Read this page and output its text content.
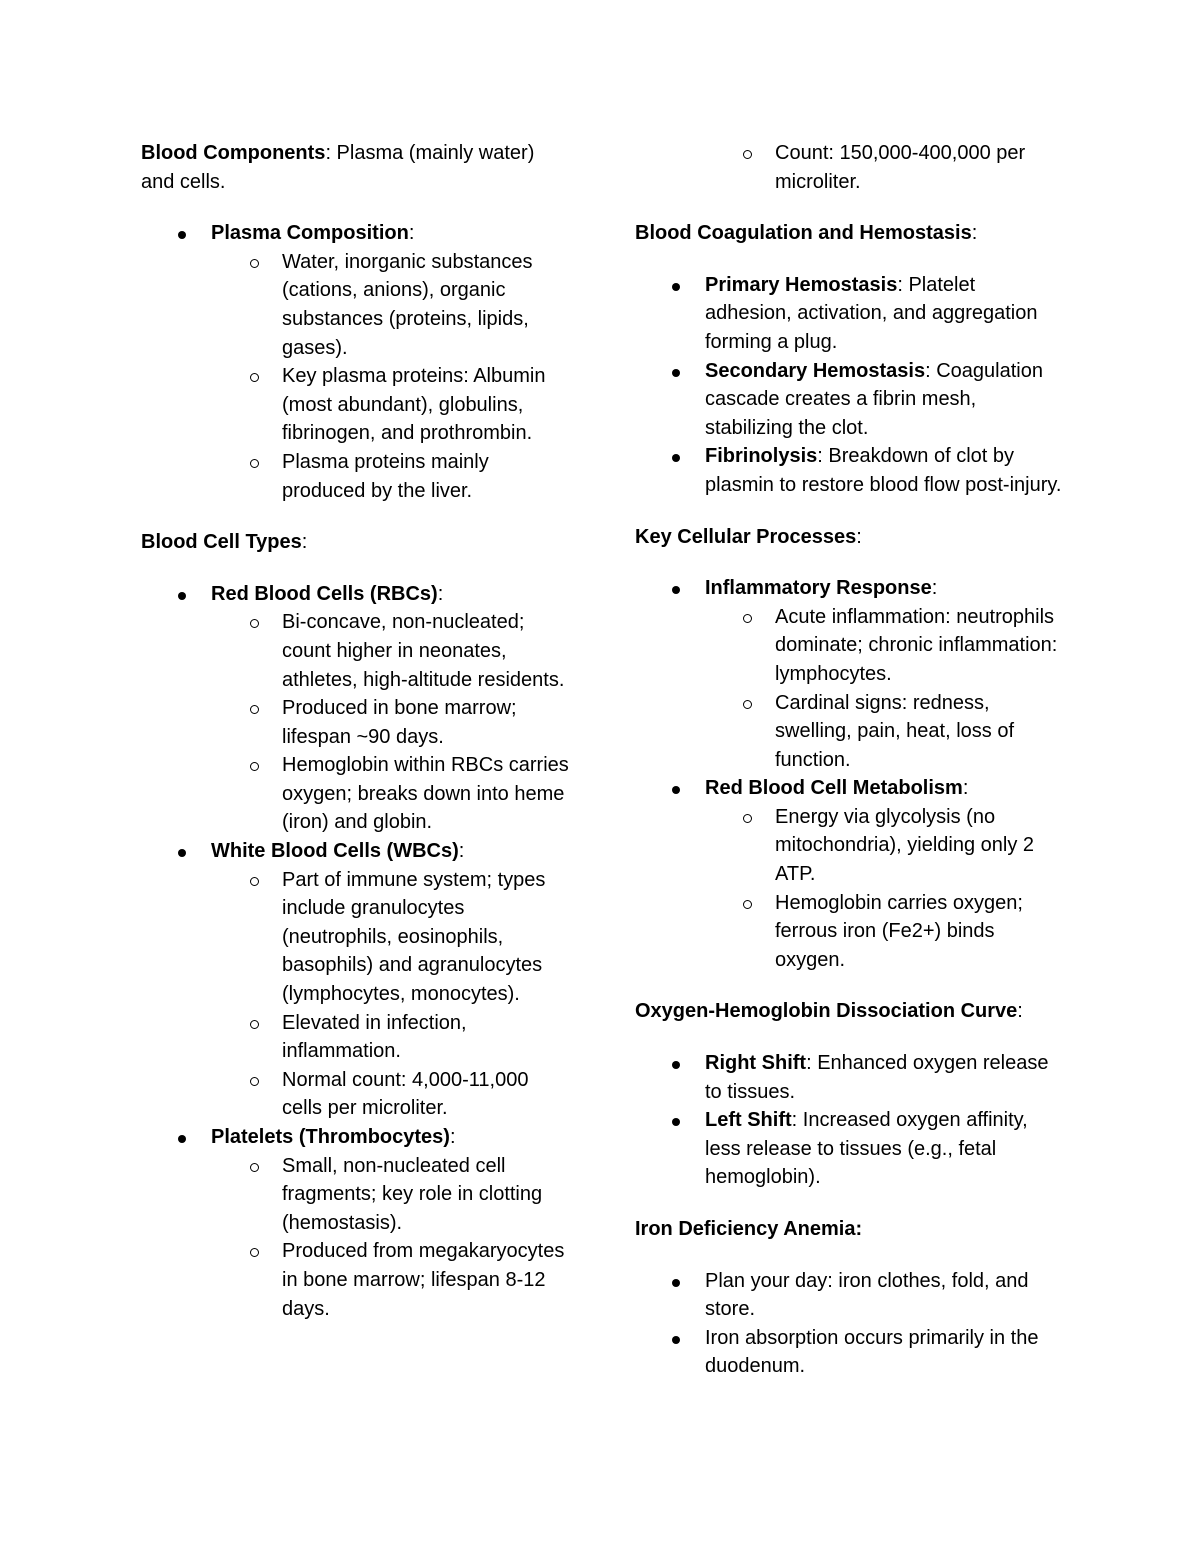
Blood Components: Plasma (mainly water) and cells.

Plasma Composition:
Water, inorganic substances (cations, anions), organic substances (proteins, lipids, gases).
Key plasma proteins: Albumin (most abundant), globulins, fibrinogen, and prothrombin.
Plasma proteins mainly produced by the liver.

Blood Cell Types:

Red Blood Cells (RBCs):
Bi-concave, non-nucleated; count higher in neonates, athletes, high-altitude residents.
Produced in bone marrow; lifespan ~90 days.
Hemoglobin within RBCs carries oxygen; breaks down into heme (iron) and globin.
White Blood Cells (WBCs):
Part of immune system; types include granulocytes (neutrophils, eosinophils, basophils) and agranulocytes (lymphocytes, monocytes).
Elevated in infection, inflammation.
Normal count: 4,000-11,000 cells per microliter.
Platelets (Thrombocytes):
Small, non-nucleated cell fragments; key role in clotting (hemostasis).
Produced from megakaryocytes in bone marrow; lifespan 8-12 days.
Count: 150,000-400,000 per microliter.

Blood Coagulation and Hemostasis:

Primary Hemostasis: Platelet adhesion, activation, and aggregation forming a plug.
Secondary Hemostasis: Coagulation cascade creates a fibrin mesh, stabilizing the clot.
Fibrinolysis: Breakdown of clot by plasmin to restore blood flow post-injury.

Key Cellular Processes:

Inflammatory Response:
Acute inflammation: neutrophils dominate; chronic inflammation: lymphocytes.
Cardinal signs: redness, swelling, pain, heat, loss of function.
Red Blood Cell Metabolism:
Energy via glycolysis (no mitochondria), yielding only 2 ATP.
Hemoglobin carries oxygen; ferrous iron (Fe2+) binds oxygen.

Oxygen-Hemoglobin Dissociation Curve:

Right Shift: Enhanced oxygen release to tissues.
Left Shift: Increased oxygen affinity, less release to tissues (e.g., fetal hemoglobin).

Iron Deficiency Anemia:

Plan your day: iron clothes, fold, and store.
Iron absorption occurs primarily in the duodenum.
